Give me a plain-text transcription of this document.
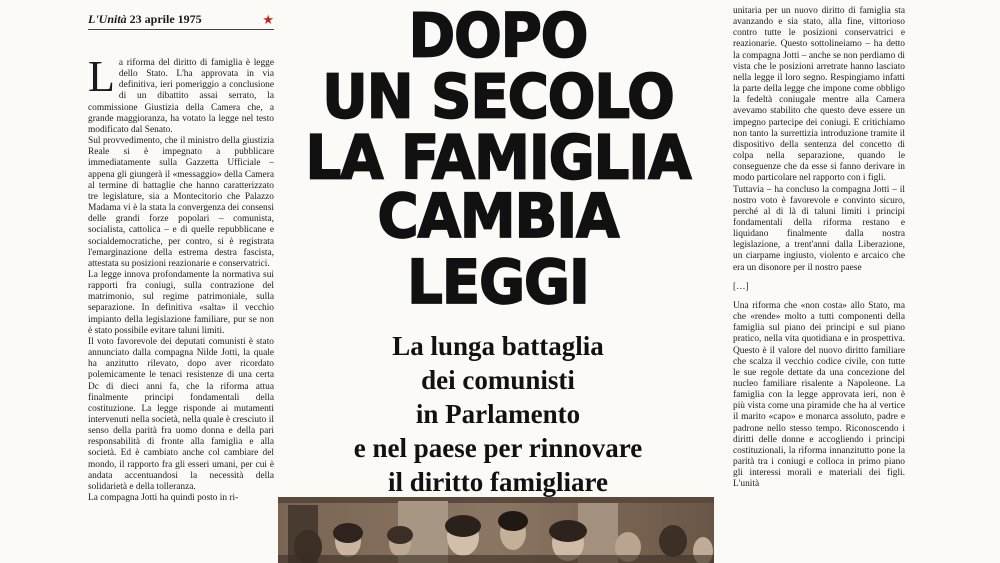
L'Unità 23 aprile 1975	★

La riforma del diritto di famiglia è legge dello Stato. L'ha approvata in via definitiva, ieri pomeriggio a conclusione di un dibattito assai serrato, la commissione Giustizia della Camera che, a grande maggioranza, ha votato la legge nel testo modificato dal Senato.

Sul provvedimento, che il ministro della giustizia Reale si è impegnato a pubblicare immediatamente sulla Gazzetta Ufficiale – appena gli giungerà il «messaggio» della Camera al termine di battaglie che hanno caratterizzato tre legislature, sia a Montecitorio che Palazzo Madama vi è la stata la convergenza dei consensi delle grandi forze popolari – comunista, socialista, cattolica – e di quelle repubblicane e socialdemocratiche, per contro, si è registrata l'emarginazione della estrema destra fascista, attestata su posizioni reazionarie e conservatrici.

La legge innova profondamente la normativa sui rapporti fra coniugi, sulla contrazione del matrimonio, sul regime patrimoniale, sulla separazione. In definitiva «salta» il vecchio impianto della legislazione familiare, pur se non è stato possibile evitare taluni limiti.

Il voto favorevole dei deputati comunisti è stato annunciato dalla compagna Nilde Jotti, la quale ha anzitutto rilevato, dopo aver ricordato polemicamente le tenaci resistenze di una certa Dc di dieci anni fa, che la riforma attua finalmente principi fondamentali della costituzione. La legge risponde ai mutamenti intervenuti nella società, nella quale è cresciuto il senso della parità fra uomo donna e della pari responsabilità di fronte alla famiglia e alla società. Ed è cambiato anche col cambiare del mondo, il rapporto fra gli esseri umani, per cui è andata accentuandosi la necessità della solidarietà e della tolleranza.

La compagna Jotti ha quindi posto in ri-

DOPO
UN SECOLO
LA FAMIGLIA
CAMBIA LEGGI
La lunga battaglia
dei comunisti
in Parlamento
e nel paese per rinnovare
il diritto famigliare

unitaria per un nuovo diritto di famiglia sta avanzando e sia stato, alla fine, vittorioso contro tutte le posizioni conservatrici e reazionarie. Questo sottolineiamo – ha detto la compagna Jotti – anche se non perdiamo di vista che le posizioni arretrate hanno lasciato nella legge il loro segno. Respingiamo infatti la parte della legge che impone come obbligo la fedeltà coniugale mentre alla Camera avevamo stabilito che questo deve essere un impegno partecipe dei coniugi. E critichiamo non tanto la surrettizia introduzione tramite il dispositivo della sentenza del concetto di colpa nella separazione, quando le conseguenze che da esse si fanno derivare in modo particolare nel rapporto con i figli.

Tuttavia – ha concluso la compagna Jotti – il nostro voto è favorevole e convinto sicuro, perché al di là di taluni limiti i principi fondamentali della riforma restano e liquidano finalmente dalla nostra legislazione, a trent'anni dalla Liberazione, un ciarpame ingiusto, violento e arcaico che era un disonore per il nostro paese

[…]

Una riforma che «non costa» allo Stato, ma che «rende» molto a tutti componenti della famiglia sul piano dei principi e sul piano pratico, nella vita quotidiana e in prospettiva. Questo è il valore del nuovo diritto familiare che scalza il vecchio codice civile, con tutte le sue regole dettate da una concezione del nucleo familiare risalente a Napoleone. La famiglia con la legge approvata ieri, non è più vista come una piramide che ha al vertice il marito «capo» e monarca assoluto, padre e padrone nello stesso tempo. Riconoscendo i diritti delle donne e accogliendo i principi costituzionali, la riforma innanzitutto pone la parità tra i coniugi e colloca in primo piano gli interessi morali e materiali dei figli. L'unità
